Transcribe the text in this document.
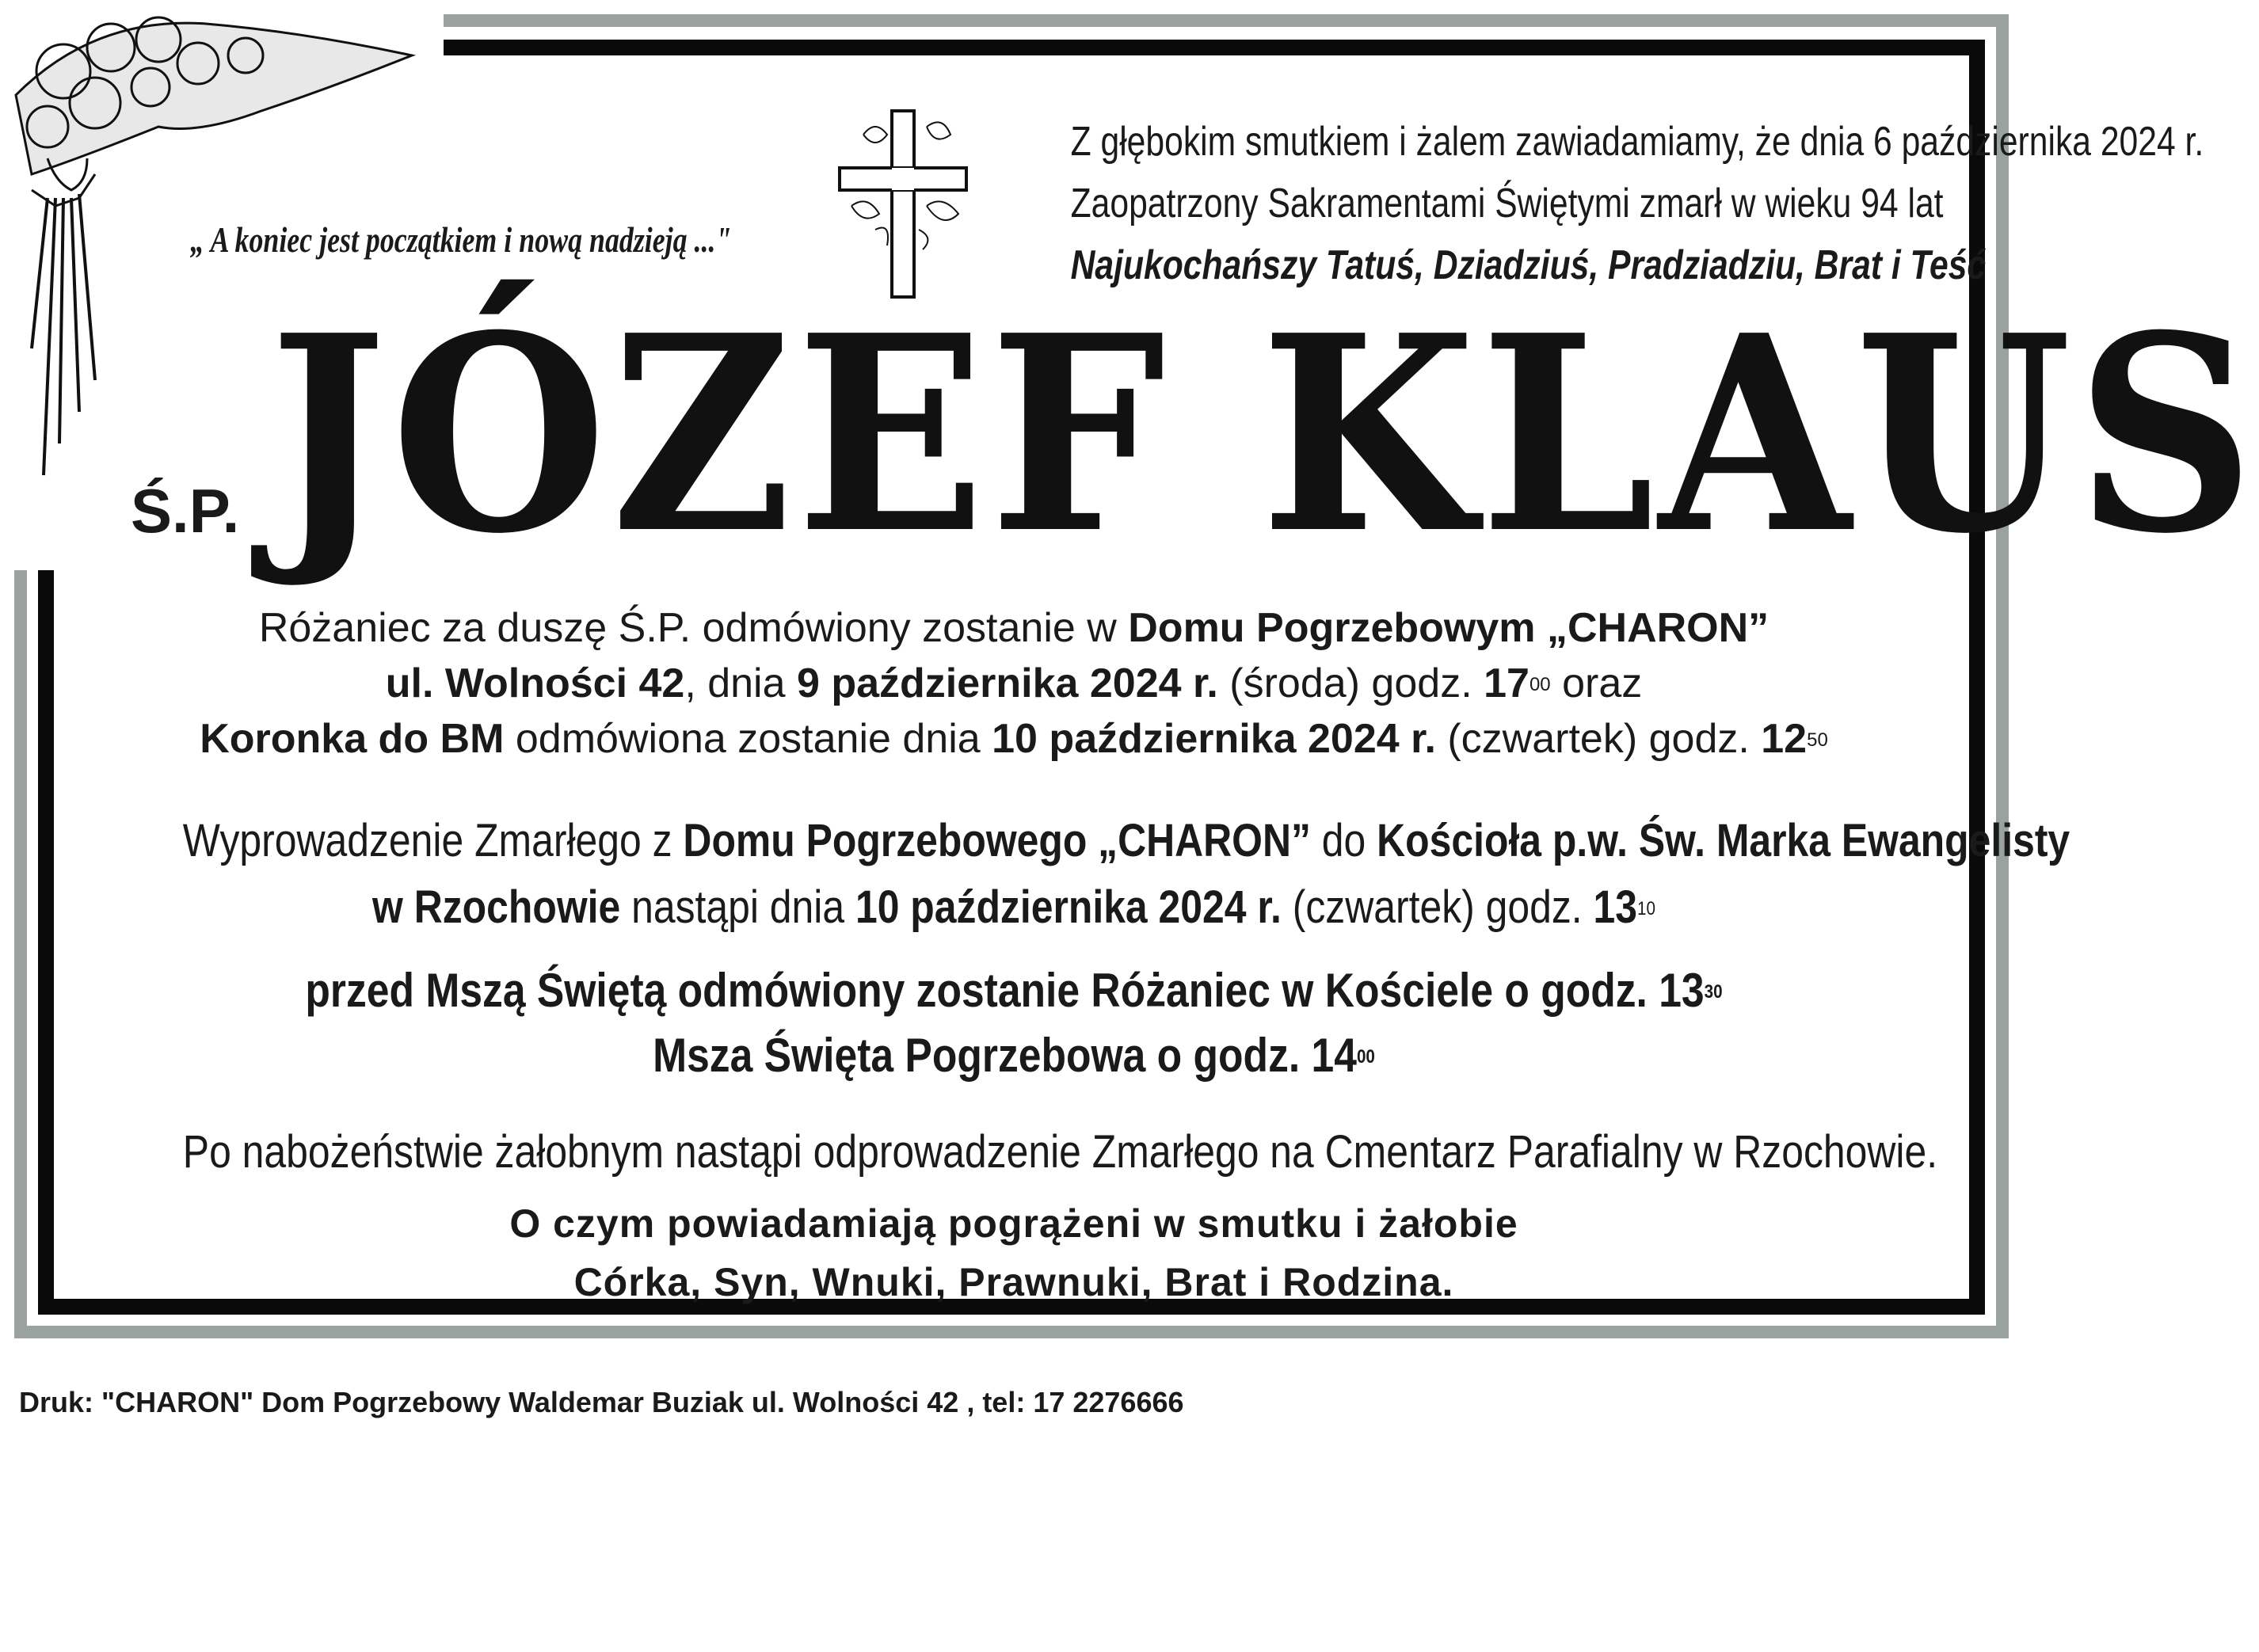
„ A koniec jest początkiem i nową nadzieją ..."
Z głębokim smutkiem i żalem zawiadamiamy, że dnia 6 października 2024 r.
Zaopatrzony Sakramentami Świętymi zmarł w wieku 94 lat
Najukochańszy Tatuś, Dziadziuś, Pradziadziu, Brat i Teść
Ś.P. JÓZEF KLAUS
Różaniec za duszę Ś.P. odmówiony zostanie w Domu Pogrzebowym „CHARON”
ul. Wolności 42, dnia 9 października 2024 r. (środa) godz. $17^{00}$ oraz
Koronka do BM odmówiona zostanie dnia 10 października 2024 r. (czwartek) godz. $12^{50}$
Wyprowadzenie Zmarłego z Domu Pogrzebowego „CHARON” do Kościoła p.w. Św. Marka Ewangelisty
w Rzochowie nastąpi dnia 10 października 2024 r. (czwartek) godz. $13^{10}$
przed Mszą Świętą odmówiony zostanie Różaniec w Kościele o godz. $13^{30}$
Msza Święta Pogrzebowa o godz. $14^{00}$
Po nabożeństwie żałobnym nastąpi odprowadzenie Zmarłego na Cmentarz Parafialny w Rzochowie.
O czym powiadamiają pogrążeni w smutku i żałobie
Córka, Syn, Wnuki, Prawnuki, Brat i Rodzina.
Druk: "CHARON" Dom Pogrzebowy Waldemar Buziak ul. Wolności 42 , tel: 17 2276666
